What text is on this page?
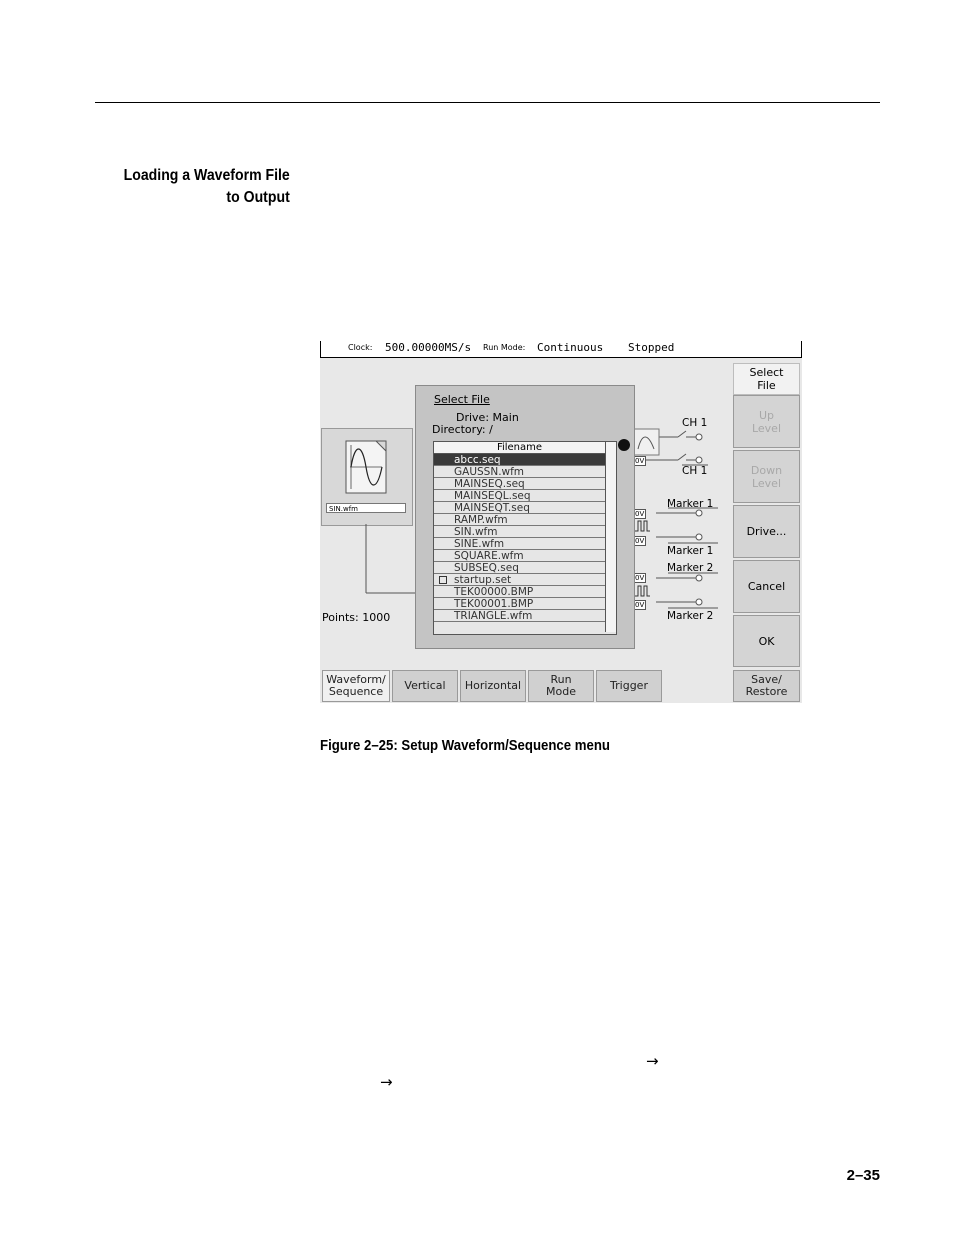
Loading a Waveform File
to Output
Clock: 500.00000MS/s Run Mode: Continuous Stopped
SIN.wfm
0V
0V
0V
0V
0V
CH 1
CH 1
Marker 1
Marker 1
Marker 2
Marker 2
Points: 1000
Select File
Drive: Main
Directory: /
Filename
abcc.seq
GAUSSN.wfm
MAINSEQ.seq
MAINSEQL.seq
MAINSEQT.seq
RAMP.wfm
SIN.wfm
SINE.wfm
SQUARE.wfm
SUBSEQ.seq
startup.set
TEK00000.BMP
TEK00001.BMP
TRIANGLE.wfm
Select
File
Up
Level
Down
Level
Drive...
Cancel
OK
Waveform/
Sequence Vertical Horizontal	Run
Mode	Trigger	Save/
Restore
Figure 2–25: Setup Waveform/Sequence menu
→
→
2–35
